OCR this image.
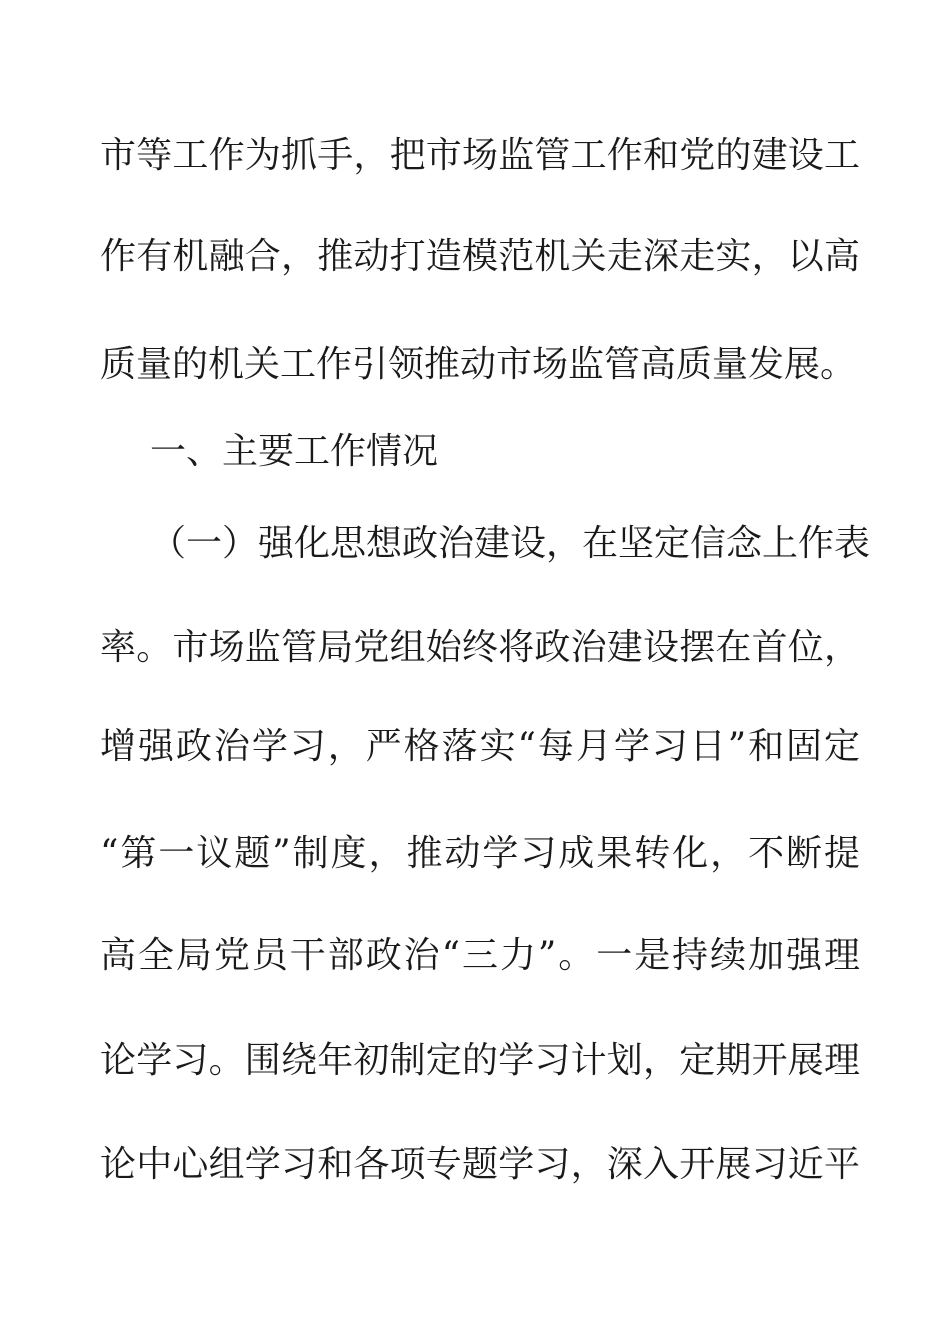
市等工作为抓手，把市场监管工作和党的建设工
作有机融合，推动打造模范机关走深走实，以高
质量的机关工作引领推动市场监管高质量发展。
一、主要工作情况
（一）强化思想政治建设，在坚定信念上作表
率。市场监管局党组始终将政治建设摆在首位，
增强政治学习，严格落实“每月学习日”和固定
“第一议题”制度，推动学习成果转化，不断提
高全局党员干部政治“三力”。一是持续加强理
论学习。围绕年初制定的学习计划，定期开展理
论中心组学习和各项专题学习，深入开展习近平
